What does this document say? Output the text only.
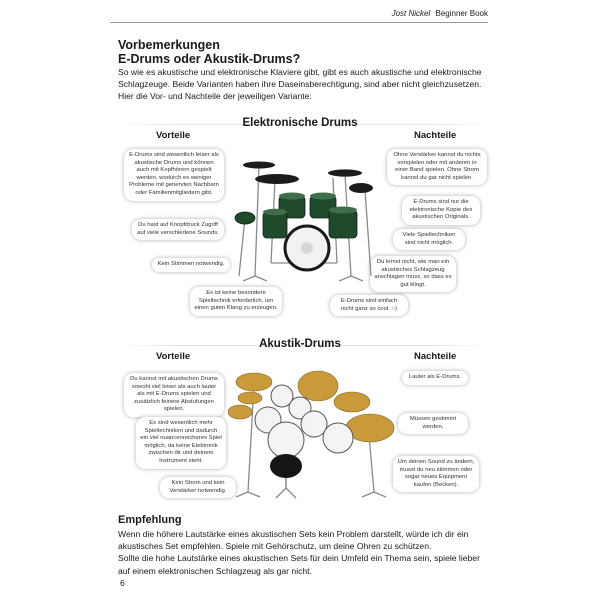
Jost Nickel Beginner Book
Vorbemerkungen
E-Drums oder Akustik-Drums?

So wie es akustische und elektronische Klaviere gibt, gibt es auch akustische und elektronische Schlagzeuge. Beide Varianten haben ihre Daseinsberechtigung, sind aber nicht gleichzusetzen.

Hier die Vor- und Nachteile der jeweiligen Variante:

Elektronische Drums
Vorteile	Nachteile
E-Drums sind wesentlich leiser als akustische Drums und können auch mit Kopfhörern gespielt werden, wodurch es weniger Probleme mit genervten Nachbarn oder Familienmitgliedern gibt.
Du hast auf Knopfdruck Zugriff auf viele verschiedene Sounds.
Kein Stimmen notwendig.
Es ist keine besondere Spieltechnik erforderlich, um einen guten Klang zu erzeugen.
Ohne Verstärker kannst du nichts vorspielen oder mit anderen in einer Band spielen. Ohne Strom kannst du gar nicht spielen.
E-Drums sind nur die elektronische Kopie des akustischen Originals.
Viele Spieltechniken sind nicht möglich.
Du lernst nicht, wie man ein akustisches Schlagzeug anschlagen muss, so dass es gut klingt.
E-Drums sind einfach nicht ganz so cool. :-)
Akustik-Drums
Vorteile	Nachteile
Du kannst mit akustischen Drums sowohl viel leiser als auch lauter als mit E-Drums spielen und zusätzlich feinere Abstufungen spielen.
Es sind wesentlich mehr Spieltechniken und dadurch ein viel nuancenreicheres Spiel möglich, da keine Elektronik zwischen dir und deinem Instrument steht.
Kein Strom und kein Verstärker notwendig.
Lauter als E-Drums.
Müssen gestimmt werden.
Um deinen Sound zu ändern, musst du neu stimmen oder sogar neues Equipment kaufen (Becken).
Empfehlung

Wenn die höhere Lautstärke eines akustischen Sets kein Problem darstellt, würde ich dir ein akustisches Set empfehlen. Spiele mit Gehörschutz, um deine Ohren zu schützen.

Sollte die hohe Lautstärke eines akustischen Sets für dein Umfeld ein Thema sein, spiele lieber auf einem elektronischen Schlagzeug als gar nicht.

6
